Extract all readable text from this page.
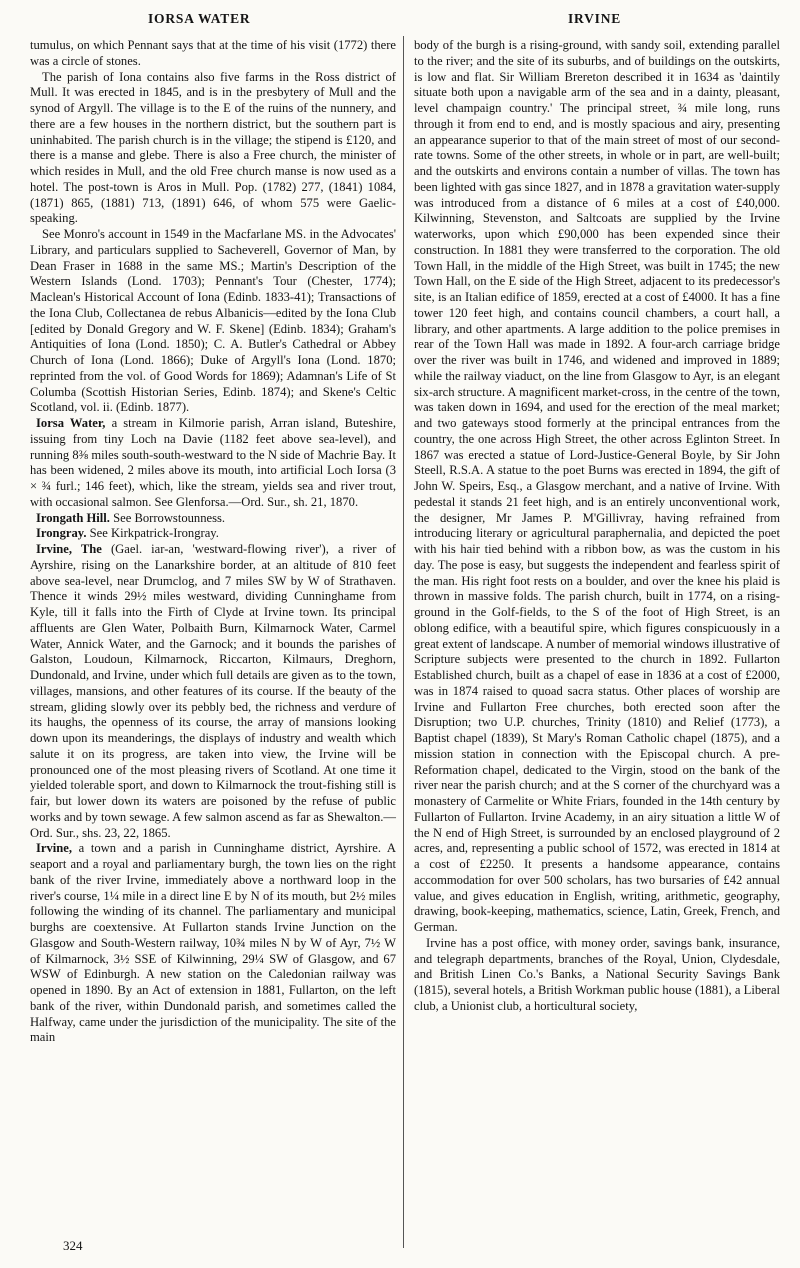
IORSA WATER	IRVINE

tumulus, on which Pennant says that at the time of his visit (1772) there was a circle of stones.

The parish of Iona contains also five farms in the Ross district of Mull. It was erected in 1845, and is in the presbytery of Mull and the synod of Argyll. The village is to the E of the ruins of the nunnery, and there are a few houses in the northern district, but the southern part is uninhabited. The parish church is in the village; the stipend is £120, and there is a manse and glebe. There is also a Free church, the minister of which resides in Mull, and the old Free church manse is now used as a hotel. The post-town is Aros in Mull. Pop. (1782) 277, (1841) 1084, (1871) 865, (1881) 713, (1891) 646, of whom 575 were Gaelic-speaking.

See Monro's account in 1549 in the Macfarlane MS. in the Advocates' Library, and particulars supplied to Sacheverell, Governor of Man, by Dean Fraser in 1688 in the same MS.; Martin's Description of the Western Islands (Lond. 1703); Pennant's Tour (Chester, 1774); Maclean's Historical Account of Iona (Edinb. 1833-41); Transactions of the Iona Club, Collectanea de rebus Albanicis—edited by the Iona Club [edited by Donald Gregory and W. F. Skene] (Edinb. 1834); Graham's Antiquities of Iona (Lond. 1850); C. A. Butler's Cathedral or Abbey Church of Iona (Lond. 1866); Duke of Argyll's Iona (Lond. 1870; reprinted from the vol. of Good Words for 1869); Adamnan's Life of St Columba (Scottish Historian Series, Edinb. 1874); and Skene's Celtic Scotland, vol. ii. (Edinb. 1877).

Iorsa Water, a stream in Kilmorie parish, Arran island, Buteshire, issuing from tiny Loch na Davie (1182 feet above sea-level), and running 8⅜ miles south-south-westward to the N side of Machrie Bay. It has been widened, 2 miles above its mouth, into artificial Loch Iorsa (3 × ¾ furl.; 146 feet), which, like the stream, yields sea and river trout, with occasional salmon. See Glenforsa.—Ord. Sur., sh. 21, 1870.

Irongath Hill. See Borrowstounness.

Irongray. See Kirkpatrick-Irongray.

Irvine, The (Gael. iar-an, 'westward-flowing river'), a river of Ayrshire, rising on the Lanarkshire border, at an altitude of 810 feet above sea-level, near Drumclog, and 7 miles SW by W of Strathaven. Thence it winds 29½ miles westward, dividing Cunninghame from Kyle, till it falls into the Firth of Clyde at Irvine town. Its principal affluents are Glen Water, Polbaith Burn, Kilmarnock Water, Carmel Water, Annick Water, and the Garnock; and it bounds the parishes of Galston, Loudoun, Kilmarnock, Riccarton, Kilmaurs, Dreghorn, Dundonald, and Irvine, under which full details are given as to the town, villages, mansions, and other features of its course. If the beauty of the stream, gliding slowly over its pebbly bed, the richness and verdure of its haughs, the openness of its course, the array of mansions looking down upon its meanderings, the displays of industry and wealth which salute it on its progress, are taken into view, the Irvine will be pronounced one of the most pleasing rivers of Scotland. At one time it yielded tolerable sport, and down to Kilmarnock the trout-fishing still is fair, but lower down its waters are poisoned by the refuse of public works and by town sewage. A few salmon ascend as far as Shewalton.—Ord. Sur., shs. 23, 22, 1865.

Irvine, a town and a parish in Cunninghame district, Ayrshire. A seaport and a royal and parliamentary burgh, the town lies on the right bank of the river Irvine, immediately above a northward loop in the river's course, 1¼ mile in a direct line E by N of its mouth, but 2½ miles following the winding of its channel. The parliamentary and municipal burghs are coextensive. At Fullarton stands Irvine Junction on the Glasgow and South-Western railway, 10¾ miles N by W of Ayr, 7½ W of Kilmarnock, 3½ SSE of Kilwinning, 29¼ SW of Glasgow, and 67 WSW of Edinburgh. A new station on the Caledonian railway was opened in 1890. By an Act of extension in 1881, Fullarton, on the left bank of the river, within Dundonald parish, and sometimes called the Halfway, came under the jurisdiction of the municipality. The site of the main

body of the burgh is a rising-ground, with sandy soil, extending parallel to the river; and the site of its suburbs, and of buildings on the outskirts, is low and flat. Sir William Brereton described it in 1634 as 'daintily situate both upon a navigable arm of the sea and in a dainty, pleasant, level champaign country.' The principal street, ¾ mile long, runs through it from end to end, and is mostly spacious and airy, presenting an appearance superior to that of the main street of most of our second-rate towns. Some of the other streets, in whole or in part, are well-built; and the outskirts and environs contain a number of villas. The town has been lighted with gas since 1827, and in 1878 a gravitation water-supply was introduced from a distance of 6 miles at a cost of £40,000. Kilwinning, Stevenston, and Saltcoats are supplied by the Irvine waterworks, upon which £90,000 has been expended since their construction. In 1881 they were transferred to the corporation. The old Town Hall, in the middle of the High Street, was built in 1745; the new Town Hall, on the E side of the High Street, adjacent to its predecessor's site, is an Italian edifice of 1859, erected at a cost of £4000. It has a fine tower 120 feet high, and contains council chambers, a court hall, a library, and other apartments. A large addition to the police premises in rear of the Town Hall was made in 1892. A four-arch carriage bridge over the river was built in 1746, and widened and improved in 1889; while the railway viaduct, on the line from Glasgow to Ayr, is an elegant six-arch structure. A magnificent market-cross, in the centre of the town, was taken down in 1694, and used for the erection of the meal market; and two gateways stood formerly at the principal entrances from the country, the one across High Street, the other across Eglinton Street. In 1867 was erected a statue of Lord-Justice-General Boyle, by Sir John Steell, R.S.A. A statue to the poet Burns was erected in 1894, the gift of John W. Speirs, Esq., a Glasgow merchant, and a native of Irvine. With pedestal it stands 21 feet high, and is an entirely unconventional work, the designer, Mr James P. M'Gillivray, having refrained from introducing literary or agricultural paraphernalia, and depicted the poet with his hair tied behind with a ribbon bow, as was the custom in his day. The pose is easy, but suggests the independent and fearless spirit of the man. His right foot rests on a boulder, and over the knee his plaid is thrown in massive folds. The parish church, built in 1774, on a rising-ground in the Golf-fields, to the S of the foot of High Street, is an oblong edifice, with a beautiful spire, which figures conspicuously in a great extent of landscape. A number of memorial windows illustrative of Scripture subjects were presented to the church in 1892. Fullarton Established church, built as a chapel of ease in 1836 at a cost of £2000, was in 1874 raised to quoad sacra status. Other places of worship are Irvine and Fullarton Free churches, both erected soon after the Disruption; two U.P. churches, Trinity (1810) and Relief (1773), a Baptist chapel (1839), St Mary's Roman Catholic chapel (1875), and a mission station in connection with the Episcopal church. A pre-Reformation chapel, dedicated to the Virgin, stood on the bank of the river near the parish church; and at the S corner of the churchyard was a monastery of Carmelite or White Friars, founded in the 14th century by Fullarton of Fullarton. Irvine Academy, in an airy situation a little W of the N end of High Street, is surrounded by an enclosed playground of 2 acres, and, representing a public school of 1572, was erected in 1814 at a cost of £2250. It presents a handsome appearance, contains accommodation for over 500 scholars, has two bursaries of £42 annual value, and gives education in English, writing, arithmetic, geography, drawing, book-keeping, mathematics, science, Latin, Greek, French, and German.

Irvine has a post office, with money order, savings bank, insurance, and telegraph departments, branches of the Royal, Union, Clydesdale, and British Linen Co.'s Banks, a National Security Savings Bank (1815), several hotels, a British Workman public house (1881), a Liberal club, a Unionist club, a horticultural society,

324
